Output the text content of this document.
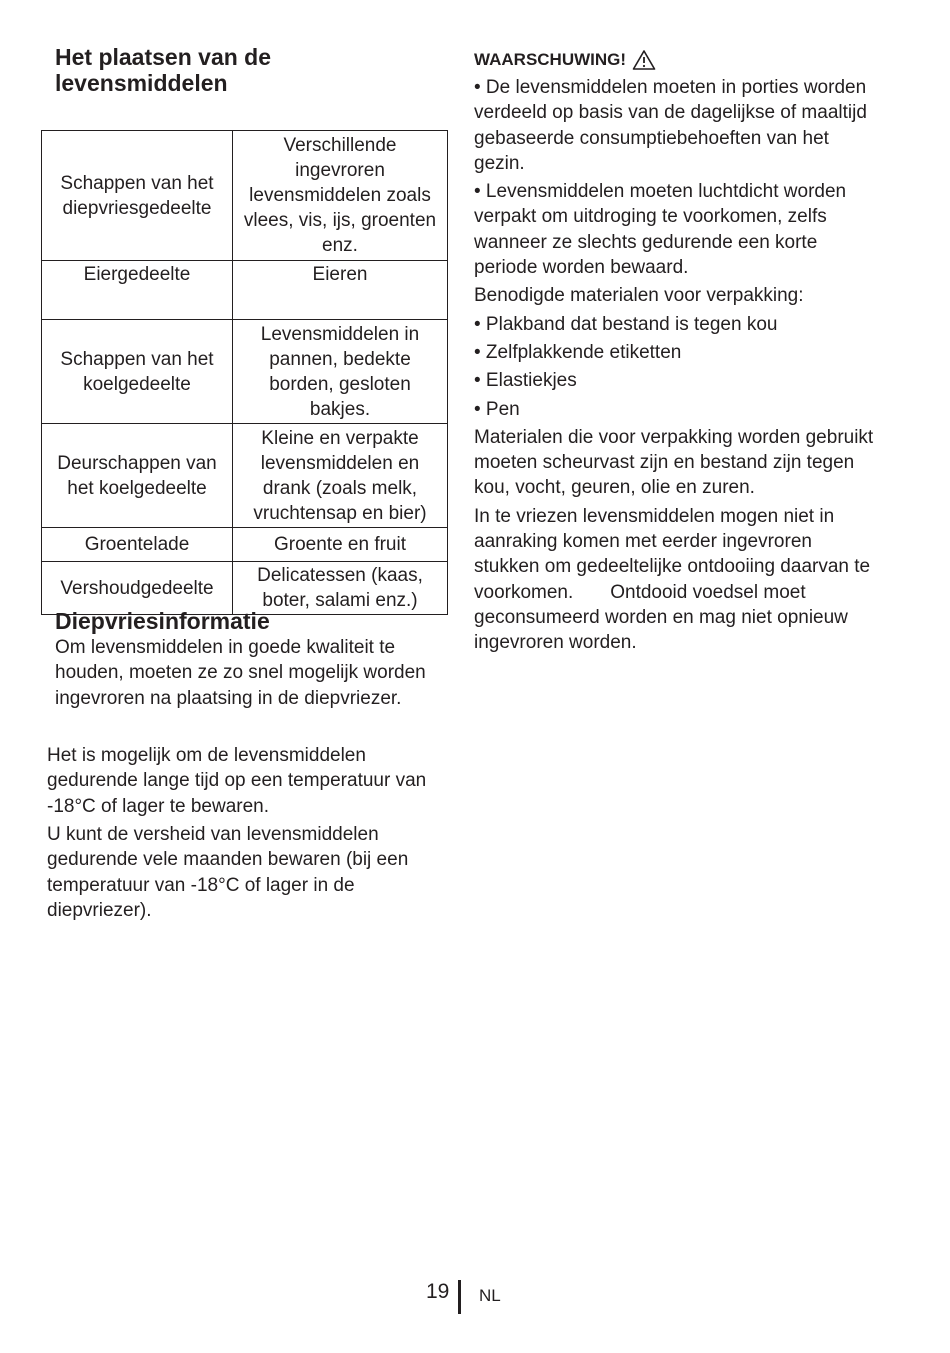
Het plaatsen van de levensmiddelen
Schappen van het diepvriesgedeelte	Verschillende ingevroren levensmiddelen zoals vlees, vis, ijs, groenten enz.
Eiergedeelte	Eieren
Schappen van het koelgedeelte	Levensmiddelen in pannen, bedekte borden, gesloten bakjes.
Deurschappen van het koelgedeelte	Kleine en verpakte levensmiddelen en drank (zoals melk, vruchtensap en bier)
Groentelade	Groente en fruit
Vershoudgedeelte	Delicatessen (kaas, boter, salami enz.)
Diepvriesinformatie

Om levensmiddelen in goede kwaliteit te houden, moeten ze zo snel mogelijk worden ingevroren na plaatsing in de diepvriezer.

Het is mogelijk om de levensmiddelen gedurende lange tijd op een temperatuur van -18°C of lager te bewaren.

U kunt de versheid van levensmiddelen gedurende vele maanden bewaren (bij een temperatuur van -18°C of lager in de diepvriezer).

WAARSCHUWING!

• De levensmiddelen moeten in porties worden verdeeld op basis van de dagelijkse of maaltijd gebaseerde consumptiebehoeften van het gezin.

• Levensmiddelen moeten luchtdicht worden verpakt om uitdroging te voorkomen, zelfs wanneer ze slechts gedurende een korte periode worden bewaard.

Benodigde materialen voor verpakking:

• Plakband dat bestand is tegen kou

• Zelfplakkende etiketten

• Elastiekjes

• Pen

Materialen die voor verpakking worden gebruikt moeten scheurvast zijn en bestand zijn tegen kou, vocht, geuren, olie en zuren.

In te vriezen levensmiddelen mogen niet in aanraking komen met eerder ingevroren stukken om gedeeltelijke ontdooiing daarvan te voorkomen.       Ontdooid voedsel moet geconsumeerd worden en mag niet opnieuw ingevroren worden.

19 NL
